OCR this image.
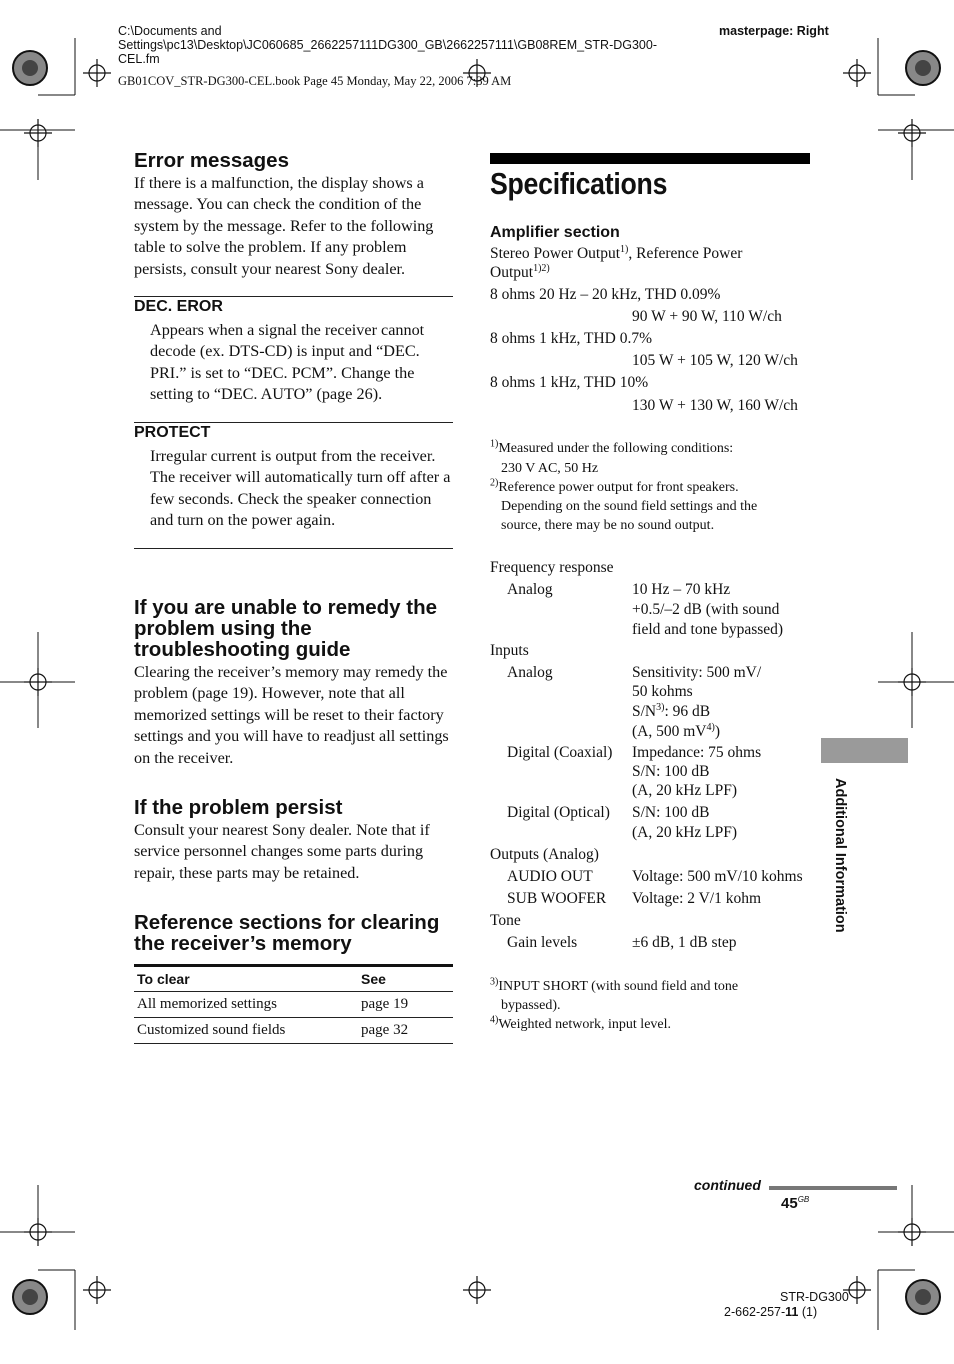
C:\Documents and Settings\pc13\Desktop\JC060685_2662257111DG300_GB\2662257111\GB08REM_STR-DG300-CEL.fm
masterpage: Right
GB01COV_STR-DG300-CEL.book Page 45 Monday, May 22, 2006 7:39 AM
Error messages
If there is a malfunction, the display shows a message. You can check the condition of the system by the message. Refer to the following table to solve the problem. If any problem persists, consult your nearest Sony dealer.
DEC. EROR
Appears when a signal the receiver cannot decode (ex. DTS-CD) is input and “DEC. PRI.” is set to “DEC. PCM”. Change the setting to “DEC. AUTO” (page 26).
PROTECT
Irregular current is output from the receiver. The receiver will automatically turn off after a few seconds. Check the speaker connection and turn on the power again.
If you are unable to remedy the problem using the troubleshooting guide
Clearing the receiver’s memory may remedy the problem (page 19). However, note that all memorized settings will be reset to their factory settings and you will have to readjust all settings on the receiver.
If the problem persist
Consult your nearest Sony dealer. Note that if service personnel changes some parts during repair, these parts may be retained.
Reference sections for clearing the receiver’s memory
To clear	See
All memorized settings	page 19
Customized sound fields	page 32
Specifications
Amplifier section
Stereo Power Output$^{1)}$, Reference Power
Output$^{1)2)}$
8 ohms 20 Hz – 20 kHz, THD 0.09%
90 W + 90 W, 110 W/ch
8 ohms 1 kHz, THD 0.7%
105 W + 105 W, 120 W/ch
8 ohms 1 kHz, THD 10%
130 W + 130 W, 160 W/ch
$^{1)}$Measured under the following conditions:
230 V AC, 50 Hz
$^{2)}$Reference power output for front speakers.
Depending on the sound field settings and the
source, there may be no sound output.
Frequency response
Analog	10 Hz – 70 kHz
+0.5/–2 dB (with sound
field and tone bypassed)
Inputs
Analog	Sensitivity: 500 mV/
50 kohms
$S/N^{3)}$: 96 dB
(A, 500 $mV^{4)}$)
Digital (Coaxial) Impedance: 75 ohms
S/N: 100 dB
(A, 20 kHz LPF)
Digital (Optical) S/N: 100 dB
(A, 20 kHz LPF)
Outputs (Analog)
AUDIO OUT	Voltage: 500 mV/10 kohms
SUB WOOFER Voltage: 2 V/1 kohm
Tone
Gain levels	±6 dB, 1 dB step
$^{3)}$INPUT SHORT (with sound field and tone
bypassed).
$^{4)}$Weighted network, input level.
Additional Information
continued
$45^{GB}$
STR-DG300
2-662-257-11 (1)
